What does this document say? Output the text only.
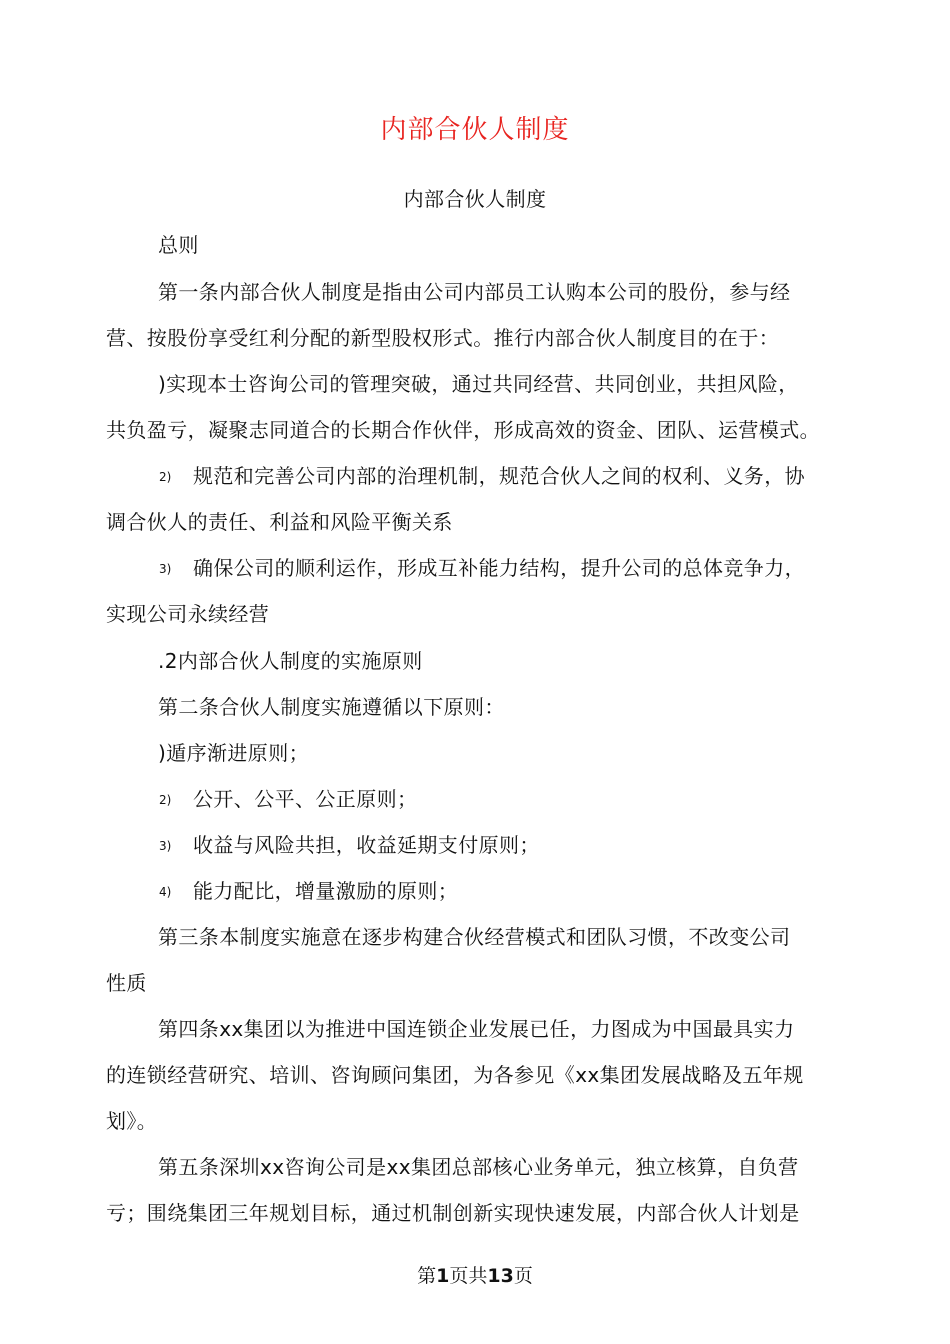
内部合伙人制度
内部合伙人制度
总则
第一条内部合伙人制度是指由公司内部员工认购本公司的股份，参与经
营、按股份享受红利分配的新型股权形式。推行内部合伙人制度目的在于：
)实现本士咨询公司的管理突破，通过共同经营、共同创业，共担风险，
共负盈亏，凝聚志同道合的长期合作伙伴，形成高效的资金、团队、运营模式。
2) 规范和完善公司内部的治理机制，规范合伙人之间的权利、义务，协
调合伙人的责任、利益和风险平衡关系
3) 确保公司的顺利运作，形成互补能力结构，提升公司的总体竞争力，
实现公司永续经营
.2内部合伙人制度的实施原则
第二条合伙人制度实施遵循以下原则：
)遁序渐进原则；
2) 公开、公平、公正原则；
3) 收益与风险共担，收益延期支付原则；
4) 能力配比，增量激励的原则；
第三条本制度实施意在逐步构建合伙经营模式和团队习惯，不改变公司
性质
第四条xx集团以为推进中国连锁企业发展已任，力图成为中国最具实力
的连锁经营研究、培训、咨询顾问集团，为各参见《xx集团发展战略及五年规
划》。
第五条深圳xx咨询公司是xx集团总部核心业务单元，独立核算，自负营
亏；围绕集团三年规划目标，通过机制创新实现快速发展，内部合伙人计划是
第1页共13页
